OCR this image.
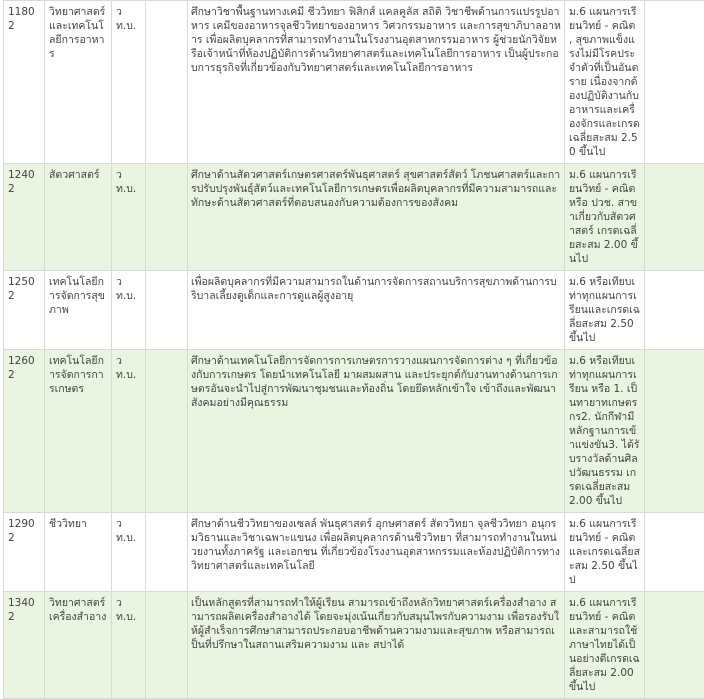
11802	วิทยาศาสตร์และเทคโนโลยีการอาหาร	วท.บ.		ศึกษาวิชาพื้นฐานทางเคมี ชีววิทยา ฟิสิกส์ แคลคูลัส สถิติ วิชาชีพด้านการแปรรูปอาหาร เคมีของอาหารจุลชีววิทยาของอาหาร วิศวกรรมอาหาร และการสุขาภิบาลอาหาร เพื่อผลิตบุคลากรที่สามารถทำงานในโรงงานอุตสาหกรรมอาหาร ผู้ช่วยนักวิจัยหรือเจ้าหน้าที่ห้องปฏิบัติการด้านวิทยาศาสตร์และเทคโนโลยีการอาหาร เป็นผู้ประกอบการธุรกิจที่เกี่ยวข้องกับวิทยาศาสตร์และเทคโนโลยีการอาหาร	ม.6 แผนการเรียนวิทย์ - คณิต , สุขภาพแข็งแรงไม่มีโรคประจำตัวที่เป็นอันตราย เนื่องจากต้องปฏิบัติงานกับอาหารและเครื่องจักรและเกรดเฉลี่ยสะสม 2.50 ขึ้นไป	
12402	สัตวศาสตร์	วท.บ.		ศึกษาด้านสัตวศาสตร์เกษตรศาสตร์พันธุศาสตร์ สุขศาสตร์สัตว์ โภชนศาสตร์และการปรับปรุงพันธุ์สัตว์และเทคโนโลยีการเกษตรเพื่อผลิตบุคลากรที่มีความสามารถและทักษะด้านสัตวศาสตร์ที่ตอบสนองกับความต้องการของสังคม	ม.6 แผนการเรียนวิทย์ - คณิตหรือ ปวช. สาขาเกี่ยวกับสัตวศาสตร์ เกรดเฉลี่ยสะสม 2.00 ขึ้นไป	
12502	เทคโนโลยีการจัดการสุขภาพ	วท.บ.		เพื่อผลิตบุคลากรที่มีความสามารถในด้านการจัดการสถานบริการสุขภาพด้านการบริบาลเลี้ยงดูเด็กและการดูแลผู้สูงอายุ	ม.6 หรือเทียบเท่าทุกแผนการเรียนและเกรดเฉลี่ยสะสม 2.50 ขึ้นไป	
12602	เทคโนโลยีการจัดการการเกษตร	วท.บ.		ศึกษาด้านเทคโนโลยีการจัดการการเกษตรการวางแผนการจัดการต่าง ๆ ที่เกี่ยวข้องกับการเกษตร โดยนำเทคโนโลยี มาผสมผสาน และประยุกต์กับงานทางด้านการเกษตรอันจะนำไปสู่การพัฒนาชุมชนและท้องถิ่น โดยยึดหลักเข้าใจ เข้าถึงและพัฒนาสังคมอย่างมีคุณธรรม	ม.6 หรือเทียบเท่าทุกแผนการเรียน หรือ 1. เป็นทายาทเกษตรกร2. นักกีฬามีหลักฐานการเข้าแข่งขัน3. ได้รับรางวัลด้านศิลปวัฒนธรรม เกรดเฉลี่ยสะสม 2.00 ขึ้นไป	
12902	ชีววิทยา	วท.บ.		ศึกษาด้านชีววิทยาของเซลล์ พันธุศาสตร์ อุกษศาสตร์ สัตววิทยา จุลชีววิทยา อนุกรมวิธานและวิชาเฉพาะแขนง เพื่อผลิตบุคลากรด้านชีววิทยา ที่สามารถทำงานในหน่วยงานทั้งภาครัฐ และเอกชน ที่เกี่ยวข้องโรงงานอุตสาหกรรมและห้องปฏิบัติการทางวิทยาศาสตร์และเทคโนโลยี	ม.6 แผนการเรียนวิทย์ - คณิตและเกรดเฉลี่ยสะสม 2.50 ขึ้นไป	
13402	วิทยาศาสตร์เครื่องสำอาง	วท.บ.		เป็นหลักสูตรที่สามารถทำให้ผู้เรียน สามารถเข้าถึงหลักวิทยาศาสตร์เครื่องสำอาง สามารถผลิตเครื่องสำอางได้ โดยจะมุ่งเน้นเกี่ยวกับสมุนไพรกับความงาม เพื่อรองรับให้ผู้สำเร็จการศึกษาสามารถประกอบอาชีพด้านความงามและสุขภาพ หรือสามารถเป็นที่ปรึกษาในสถานเสริมความงาม และ สปาได้	ม.6 แผนการเรียนวิทย์ - คณิต และสามารถใช้ภาษาไทยได้เป็นอย่างดีเกรดเฉลี่ยสะสม 2.00 ขึ้นไป	
